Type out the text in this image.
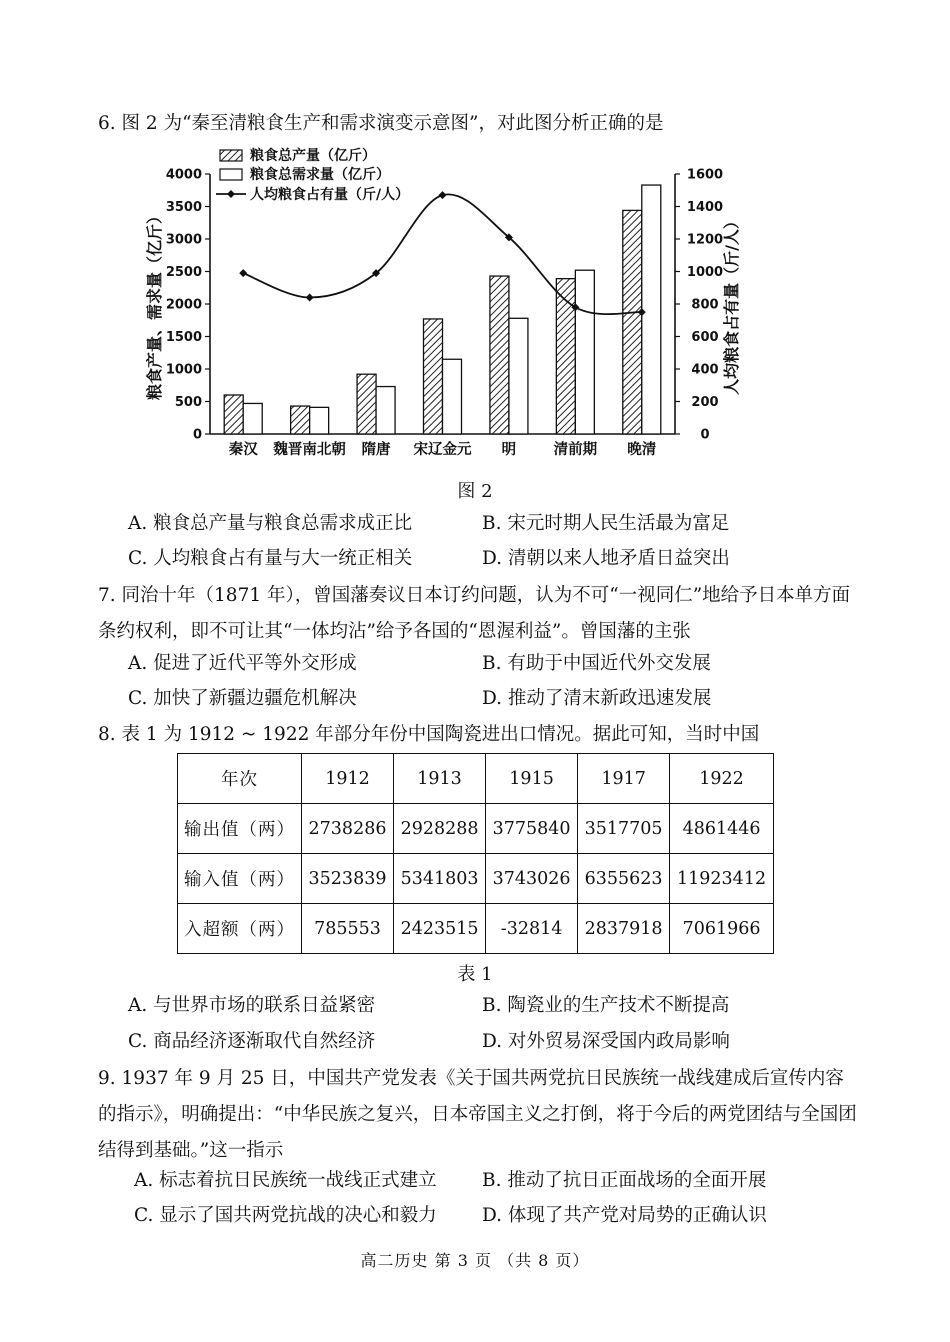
6. 图 2 为“秦至清粮食生产和需求演变示意图”，对此图分析正确的是
粮食总产量（亿斤）
粮食总需求量（亿斤）
人均粮食占有量（斤/人）
0
500
1000
1500
2000
2500
3000
3500
4000
0
200
400
600
800
1000
1200
1400
1600
粮食产量、需求量（亿斤）	人均粮食占有量（斤/人）
秦汉 魏晋南北朝 隋唐 宋辽金元 明	清前期 晚清
图 2
A. 粮食总产量与粮食总需求成正比	B. 宋元时期人民生活最为富足
C. 人均粮食占有量与大一统正相关	D. 清朝以来人地矛盾日益突出
7. 同治十年（1871 年），曾国藩奏议日本订约问题，认为不可“一视同仁”地给予日本单方面条约权利，即不可让其“一体均沾”给予各国的“恩渥利益”。曾国藩的主张
A. 促进了近代平等外交形成	B. 有助于中国近代外交发展
C. 加快了新疆边疆危机解决	D. 推动了清末新政迅速发展
8. 表 1 为 1912 ~ 1922 年部分年份中国陶瓷进出口情况。据此可知，当时中国
年次	1912	1913	1915	1917	1922
输出值（两）	2738286	2928288	3775840	3517705	4861446
输入值（两）	3523839	5341803	3743026	6355623	11923412
入超额（两）	785553	2423515	-32814	2837918	7061966
表 1
A. 与世界市场的联系日益紧密	B. 陶瓷业的生产技术不断提高
C. 商品经济逐渐取代自然经济	D. 对外贸易深受国内政局影响
9. 1937 年 9 月 25 日，中国共产党发表《关于国共两党抗日民族统一战线建成后宣传内容的指示》，明确提出：“中华民族之复兴，日本帝国主义之打倒，将于今后的两党团结与全国团结得到基础。”这一指示
A. 标志着抗日民族统一战线正式建立 B. 推动了抗日正面战场的全面开展
C. 显示了国共两党抗战的决心和毅力 D. 体现了共产党对局势的正确认识
高二历史 第 3 页 （共 8 页）
